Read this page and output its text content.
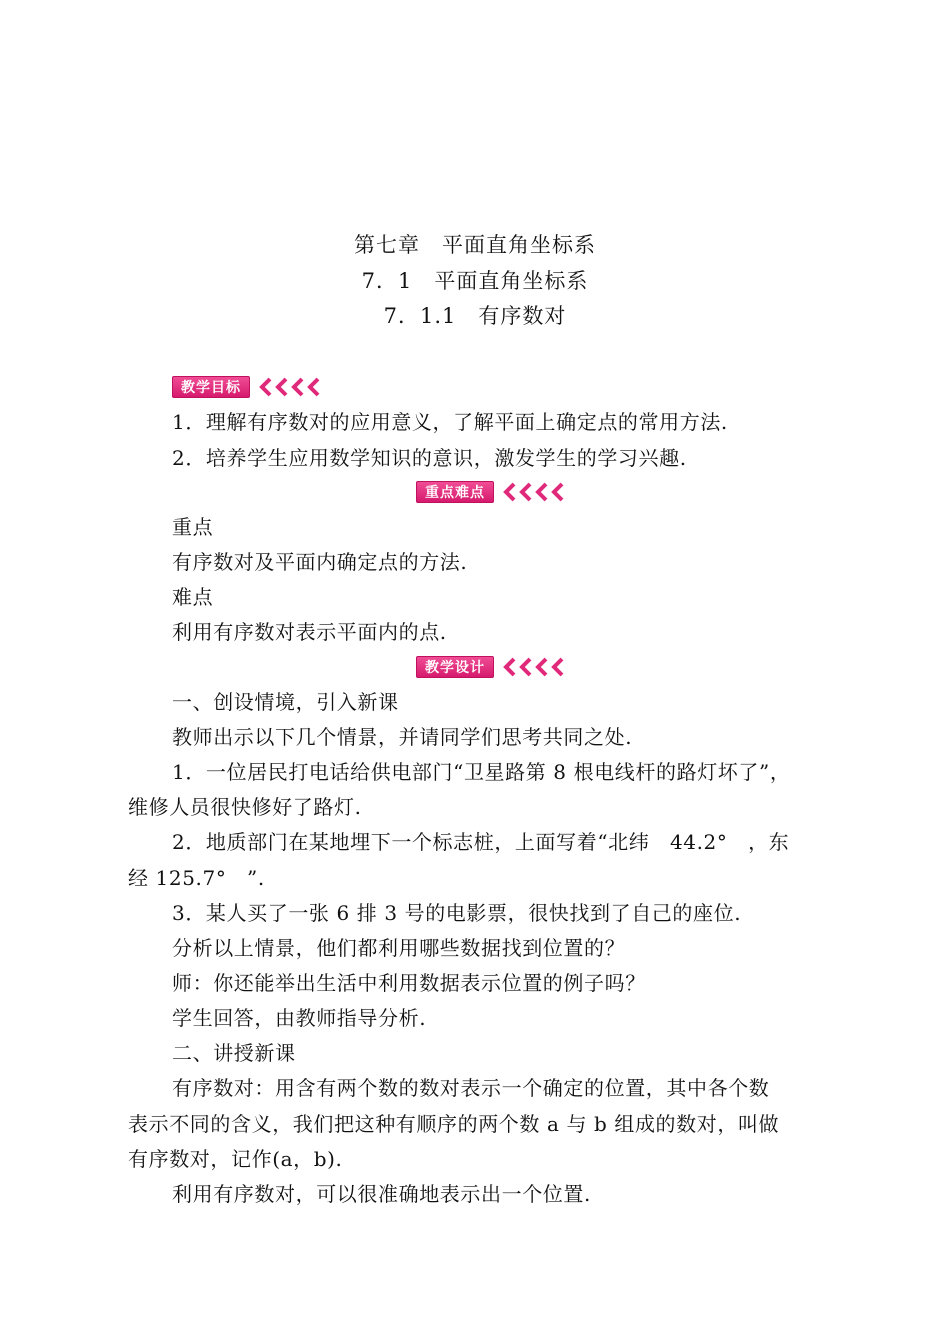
第七章　平面直角坐标系
7．1　平面直角坐标系
7．1.1　有序数对
教学目标
1．理解有序数对的应用意义，了解平面上确定点的常用方法.
2．培养学生应用数学知识的意识，激发学生的学习兴趣.
重点难点
重点
有序数对及平面内确定点的方法.
难点
利用有序数对表示平面内的点.
教学设计
一、创设情境，引入新课
教师出示以下几个情景，并请同学们思考共同之处.
1．一位居民打电话给供电部门“卫星路第 8 根电线杆的路灯坏了”，
维修人员很快修好了路灯.
2．地质部门在某地埋下一个标志桩，上面写着“北纬　44.2°　，东
经 125.7°　”.
3．某人买了一张 6 排 3 号的电影票，很快找到了自己的座位.
分析以上情景，他们都利用哪些数据找到位置的？
师：你还能举出生活中利用数据表示位置的例子吗？
学生回答，由教师指导分析.
二、讲授新课
有序数对：用含有两个数的数对表示一个确定的位置，其中各个数
表示不同的含义，我们把这种有顺序的两个数 a 与 b 组成的数对，叫做
有序数对，记作(a，b).
利用有序数对，可以很准确地表示出一个位置.
